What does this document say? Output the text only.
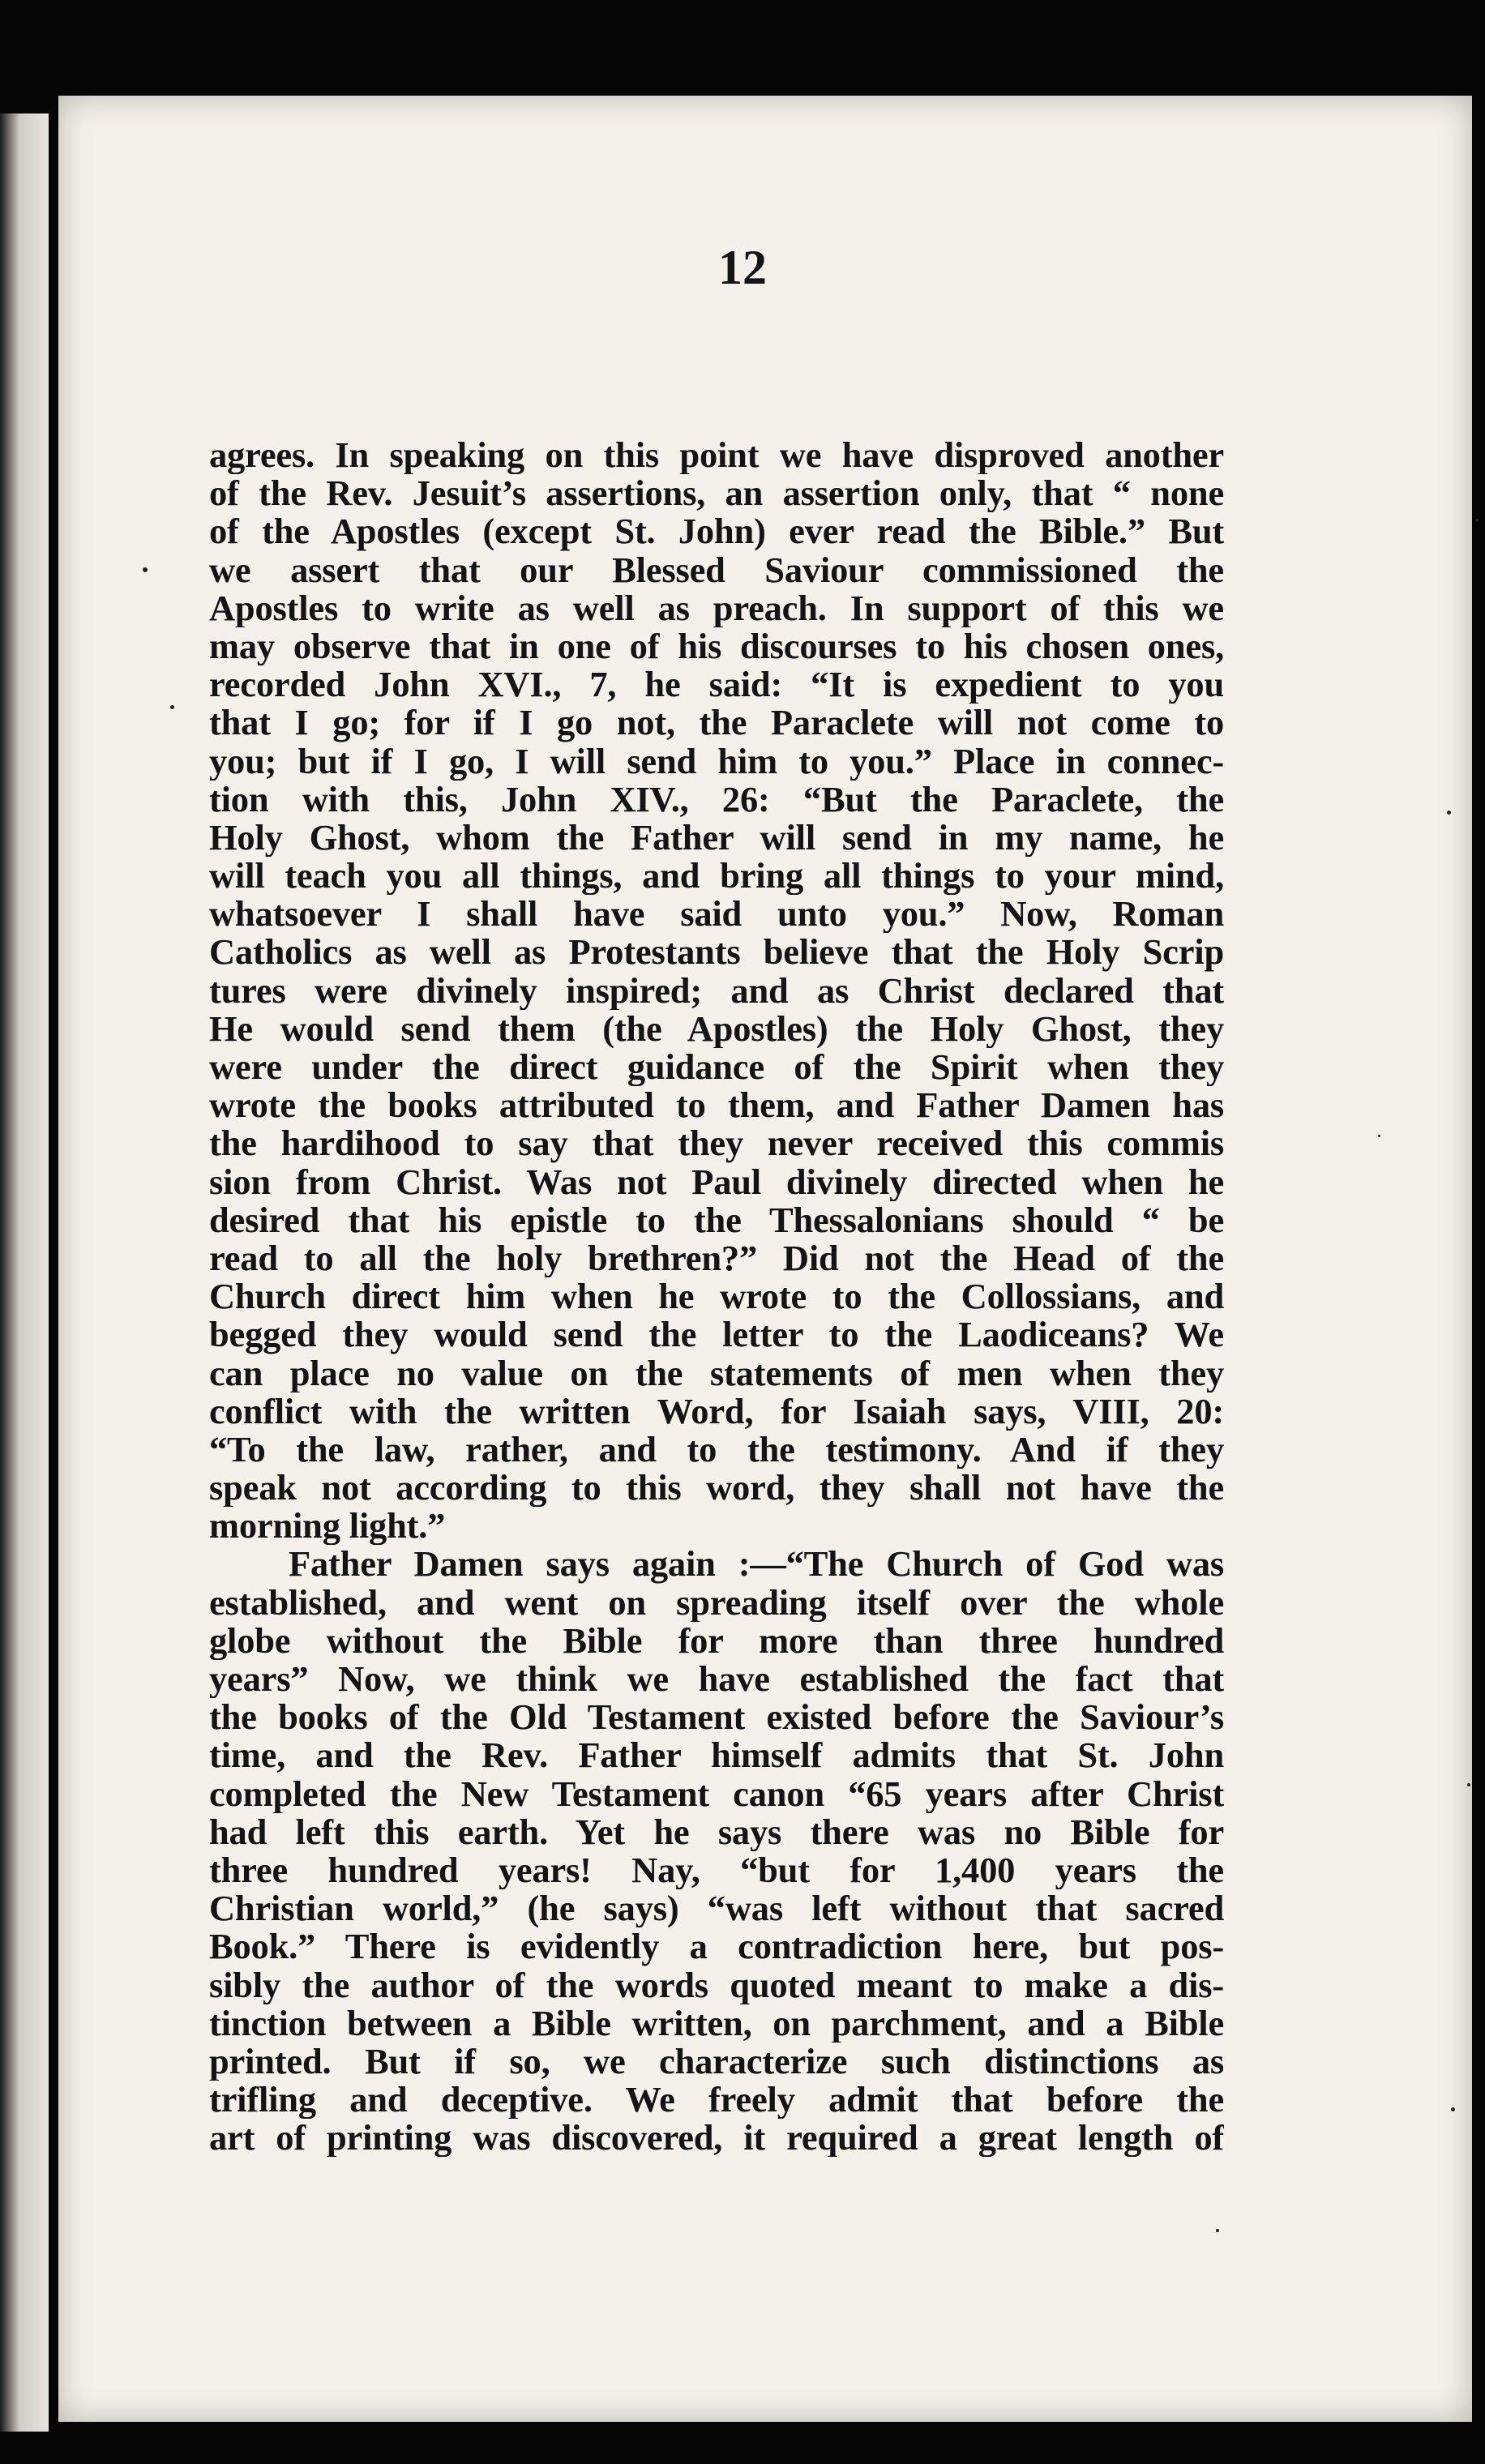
12
agrees. In speaking on this point we have disproved another
of the Rev. Jesuit’s assertions, an assertion only, that “ none
of the Apostles (except St. John) ever read the Bible.” But
we assert that our Blessed Saviour commissioned the
Apostles to write as well as preach. In support of this we
may observe that in one of his discourses to his chosen ones,
recorded John XVI., 7, he said: “It is expedient to you
that I go; for if I go not, the Paraclete will not come to
you; but if I go, I will send him to you.” Place in connec-
tion with this, John XIV., 26: “But the Paraclete, the
Holy Ghost, whom the Father will send in my name, he
will teach you all things, and bring all things to your mind,
whatsoever I shall have said unto you.” Now, Roman
Catholics as well as Protestants believe that the Holy Scrip
tures were divinely inspired; and as Christ declared that
He would send them (the Apostles) the Holy Ghost, they
were under the direct guidance of the Spirit when they
wrote the books attributed to them, and Father Damen has
the hardihood to say that they never received this commis
sion from Christ. Was not Paul divinely directed when he
desired that his epistle to the Thessalonians should “ be
read to all the holy brethren?” Did not the Head of the
Church direct him when he wrote to the Collossians, and
begged they would send the letter to the Laodiceans? We
can place no value on the statements of men when they
conflict with the written Word, for Isaiah says, VIII, 20:
“To the law, rather, and to the testimony. And if they
speak not according to this word, they shall not have the
morning light.”
Father Damen says again :—“The Church of God was
established, and went on spreading itself over the whole
globe without the Bible for more than three hundred
years” Now, we think we have established the fact that
the books of the Old Testament existed before the Saviour’s
time, and the Rev. Father himself admits that St. John
completed the New Testament canon “65 years after Christ
had left this earth. Yet he says there was no Bible for
three hundred years! Nay, “but for 1,400 years the
Christian world,” (he says) “was left without that sacred
Book.” There is evidently a contradiction here, but pos-
sibly the author of the words quoted meant to make a dis-
tinction between a Bible written, on parchment, and a Bible
printed. But if so, we characterize such distinctions as
trifling and deceptive. We freely admit that before the
art of printing was discovered, it required a great length of
